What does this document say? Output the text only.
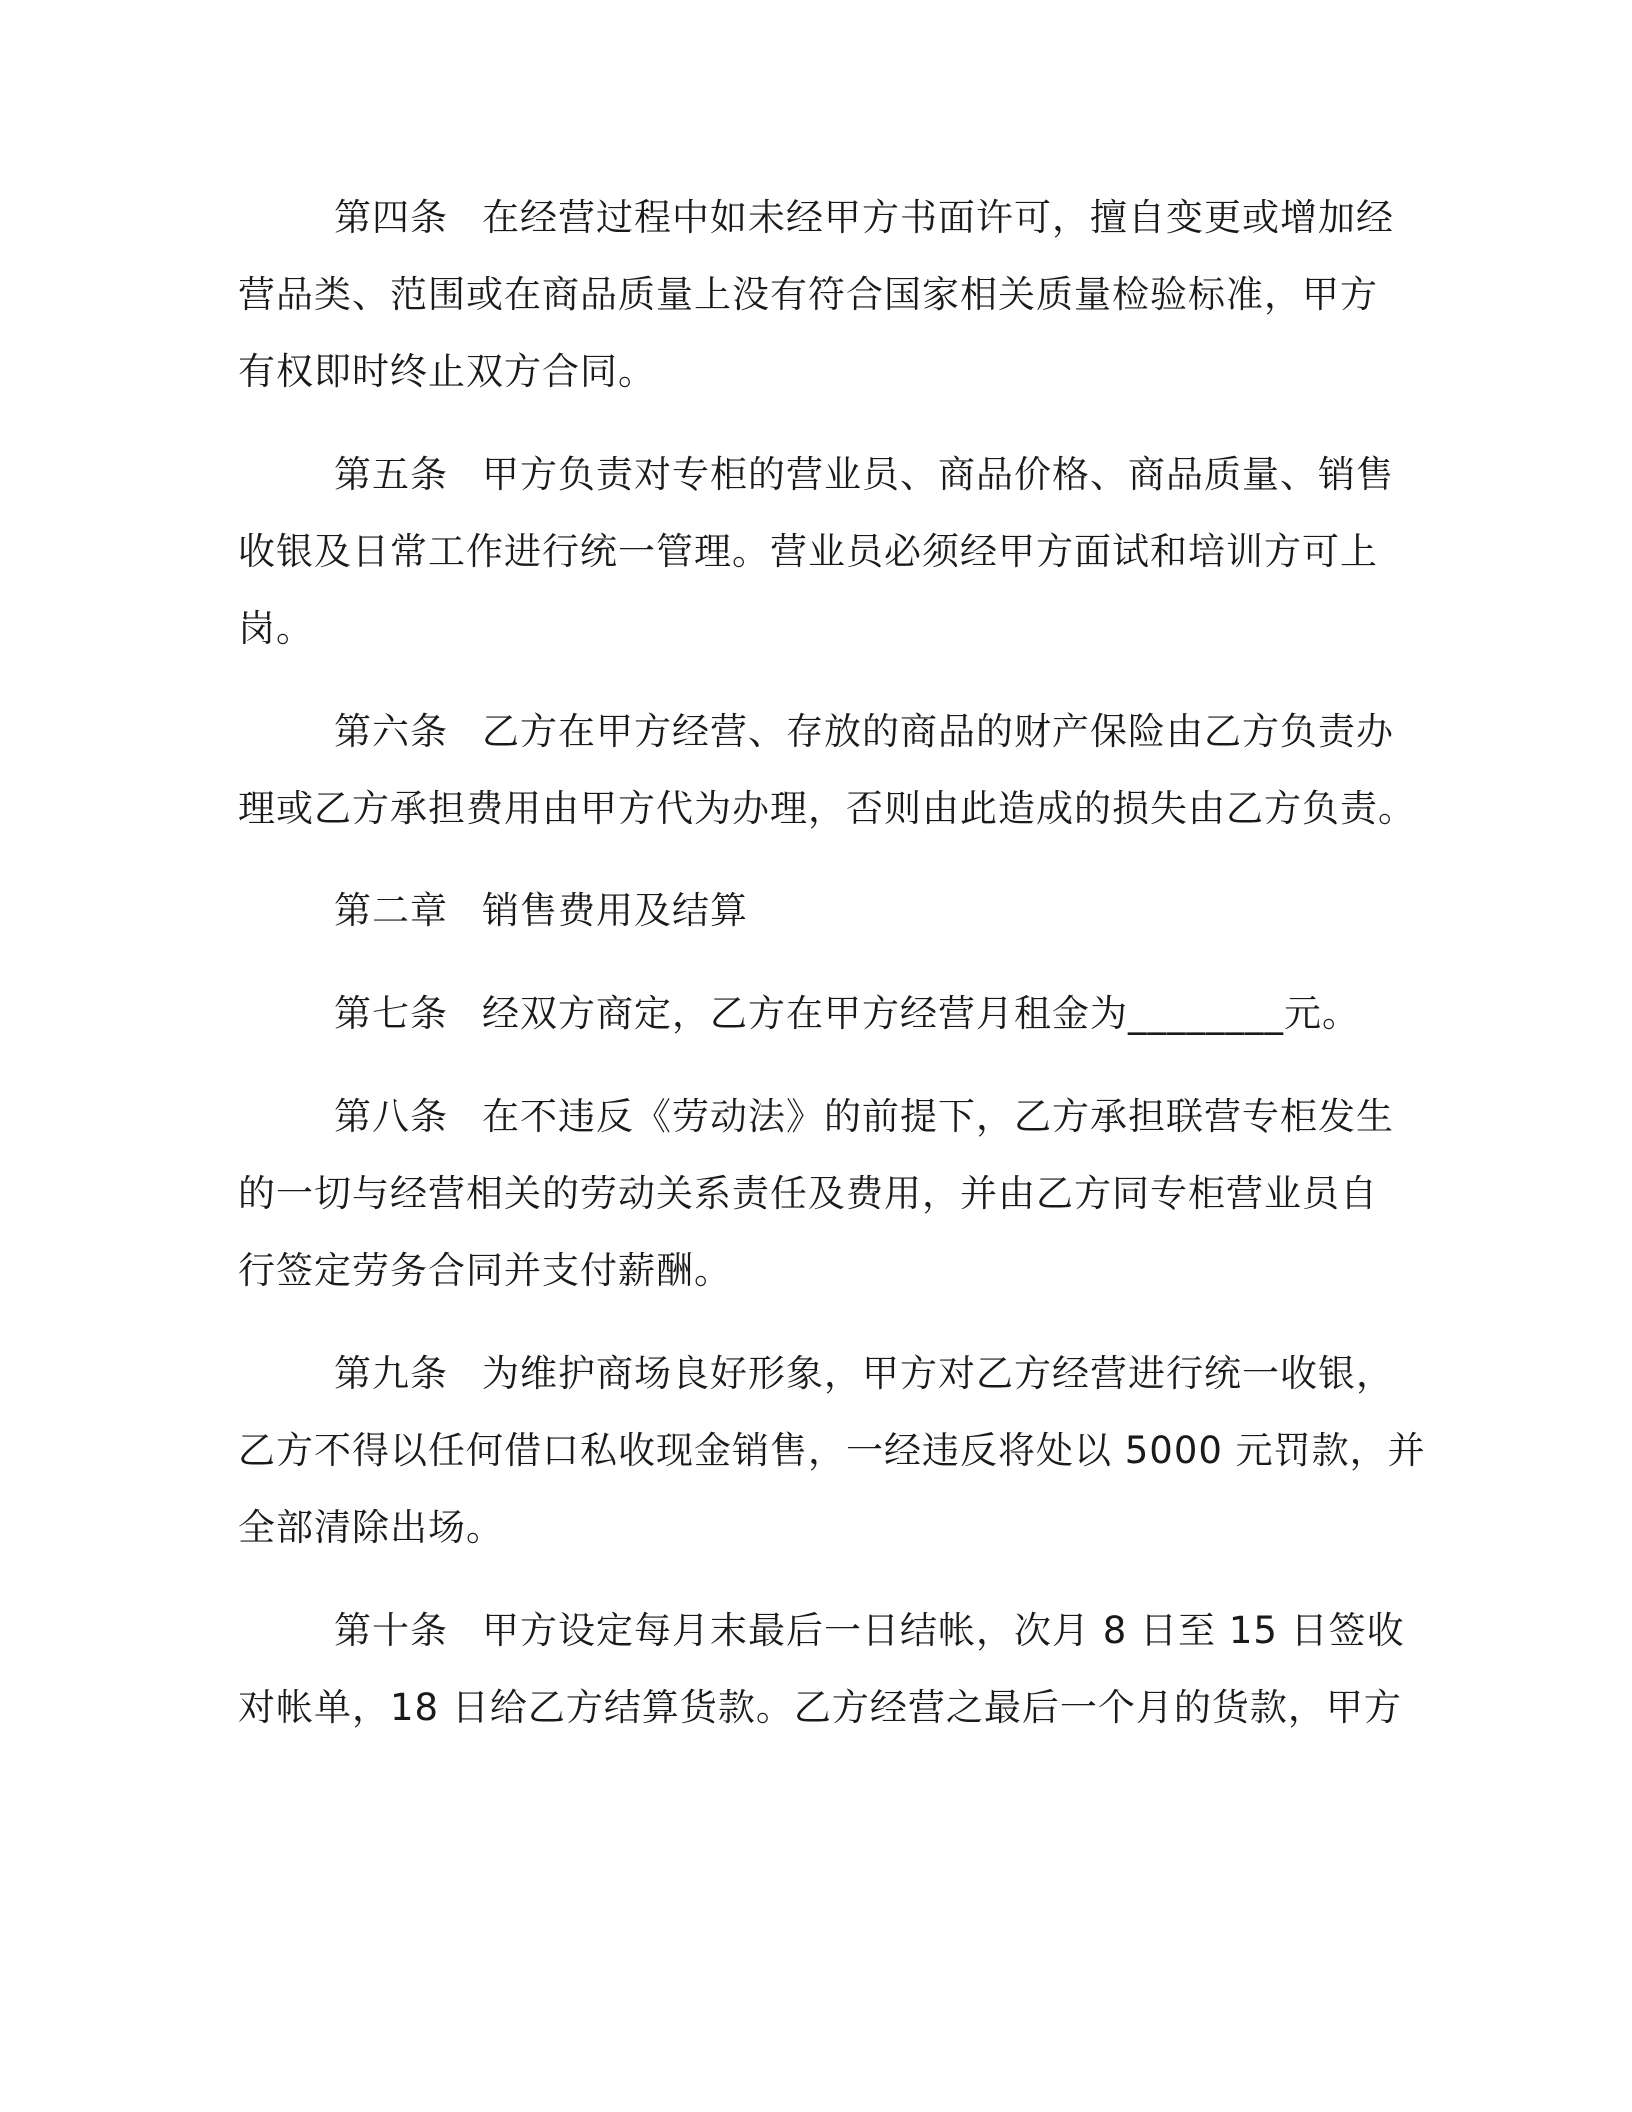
第四条 在经营过程中如未经甲方书面许可，擅自变更或增加经
营品类、范围或在商品质量上没有符合国家相关质量检验标准，甲方
有权即时终止双方合同。
第五条 甲方负责对专柜的营业员、商品价格、商品质量、销售
收银及日常工作进行统一管理。营业员必须经甲方面试和培训方可上
岗。
第六条 乙方在甲方经营、存放的商品的财产保险由乙方负责办
理或乙方承担费用由甲方代为办理，否则由此造成的损失由乙方负责。
第二章 销售费用及结算
第七条 经双方商定，乙方在甲方经营月租金为________元。
第八条 在不违反《劳动法》的前提下，乙方承担联营专柜发生
的一切与经营相关的劳动关系责任及费用，并由乙方同专柜营业员自
行签定劳务合同并支付薪酬。
第九条 为维护商场良好形象，甲方对乙方经营进行统一收银，
乙方不得以任何借口私收现金销售，一经违反将处以 5000 元罚款，并
全部清除出场。
第十条 甲方设定每月末最后一日结帐，次月 8 日至 15 日签收
对帐单，18 日给乙方结算货款。乙方经营之最后一个月的货款，甲方
